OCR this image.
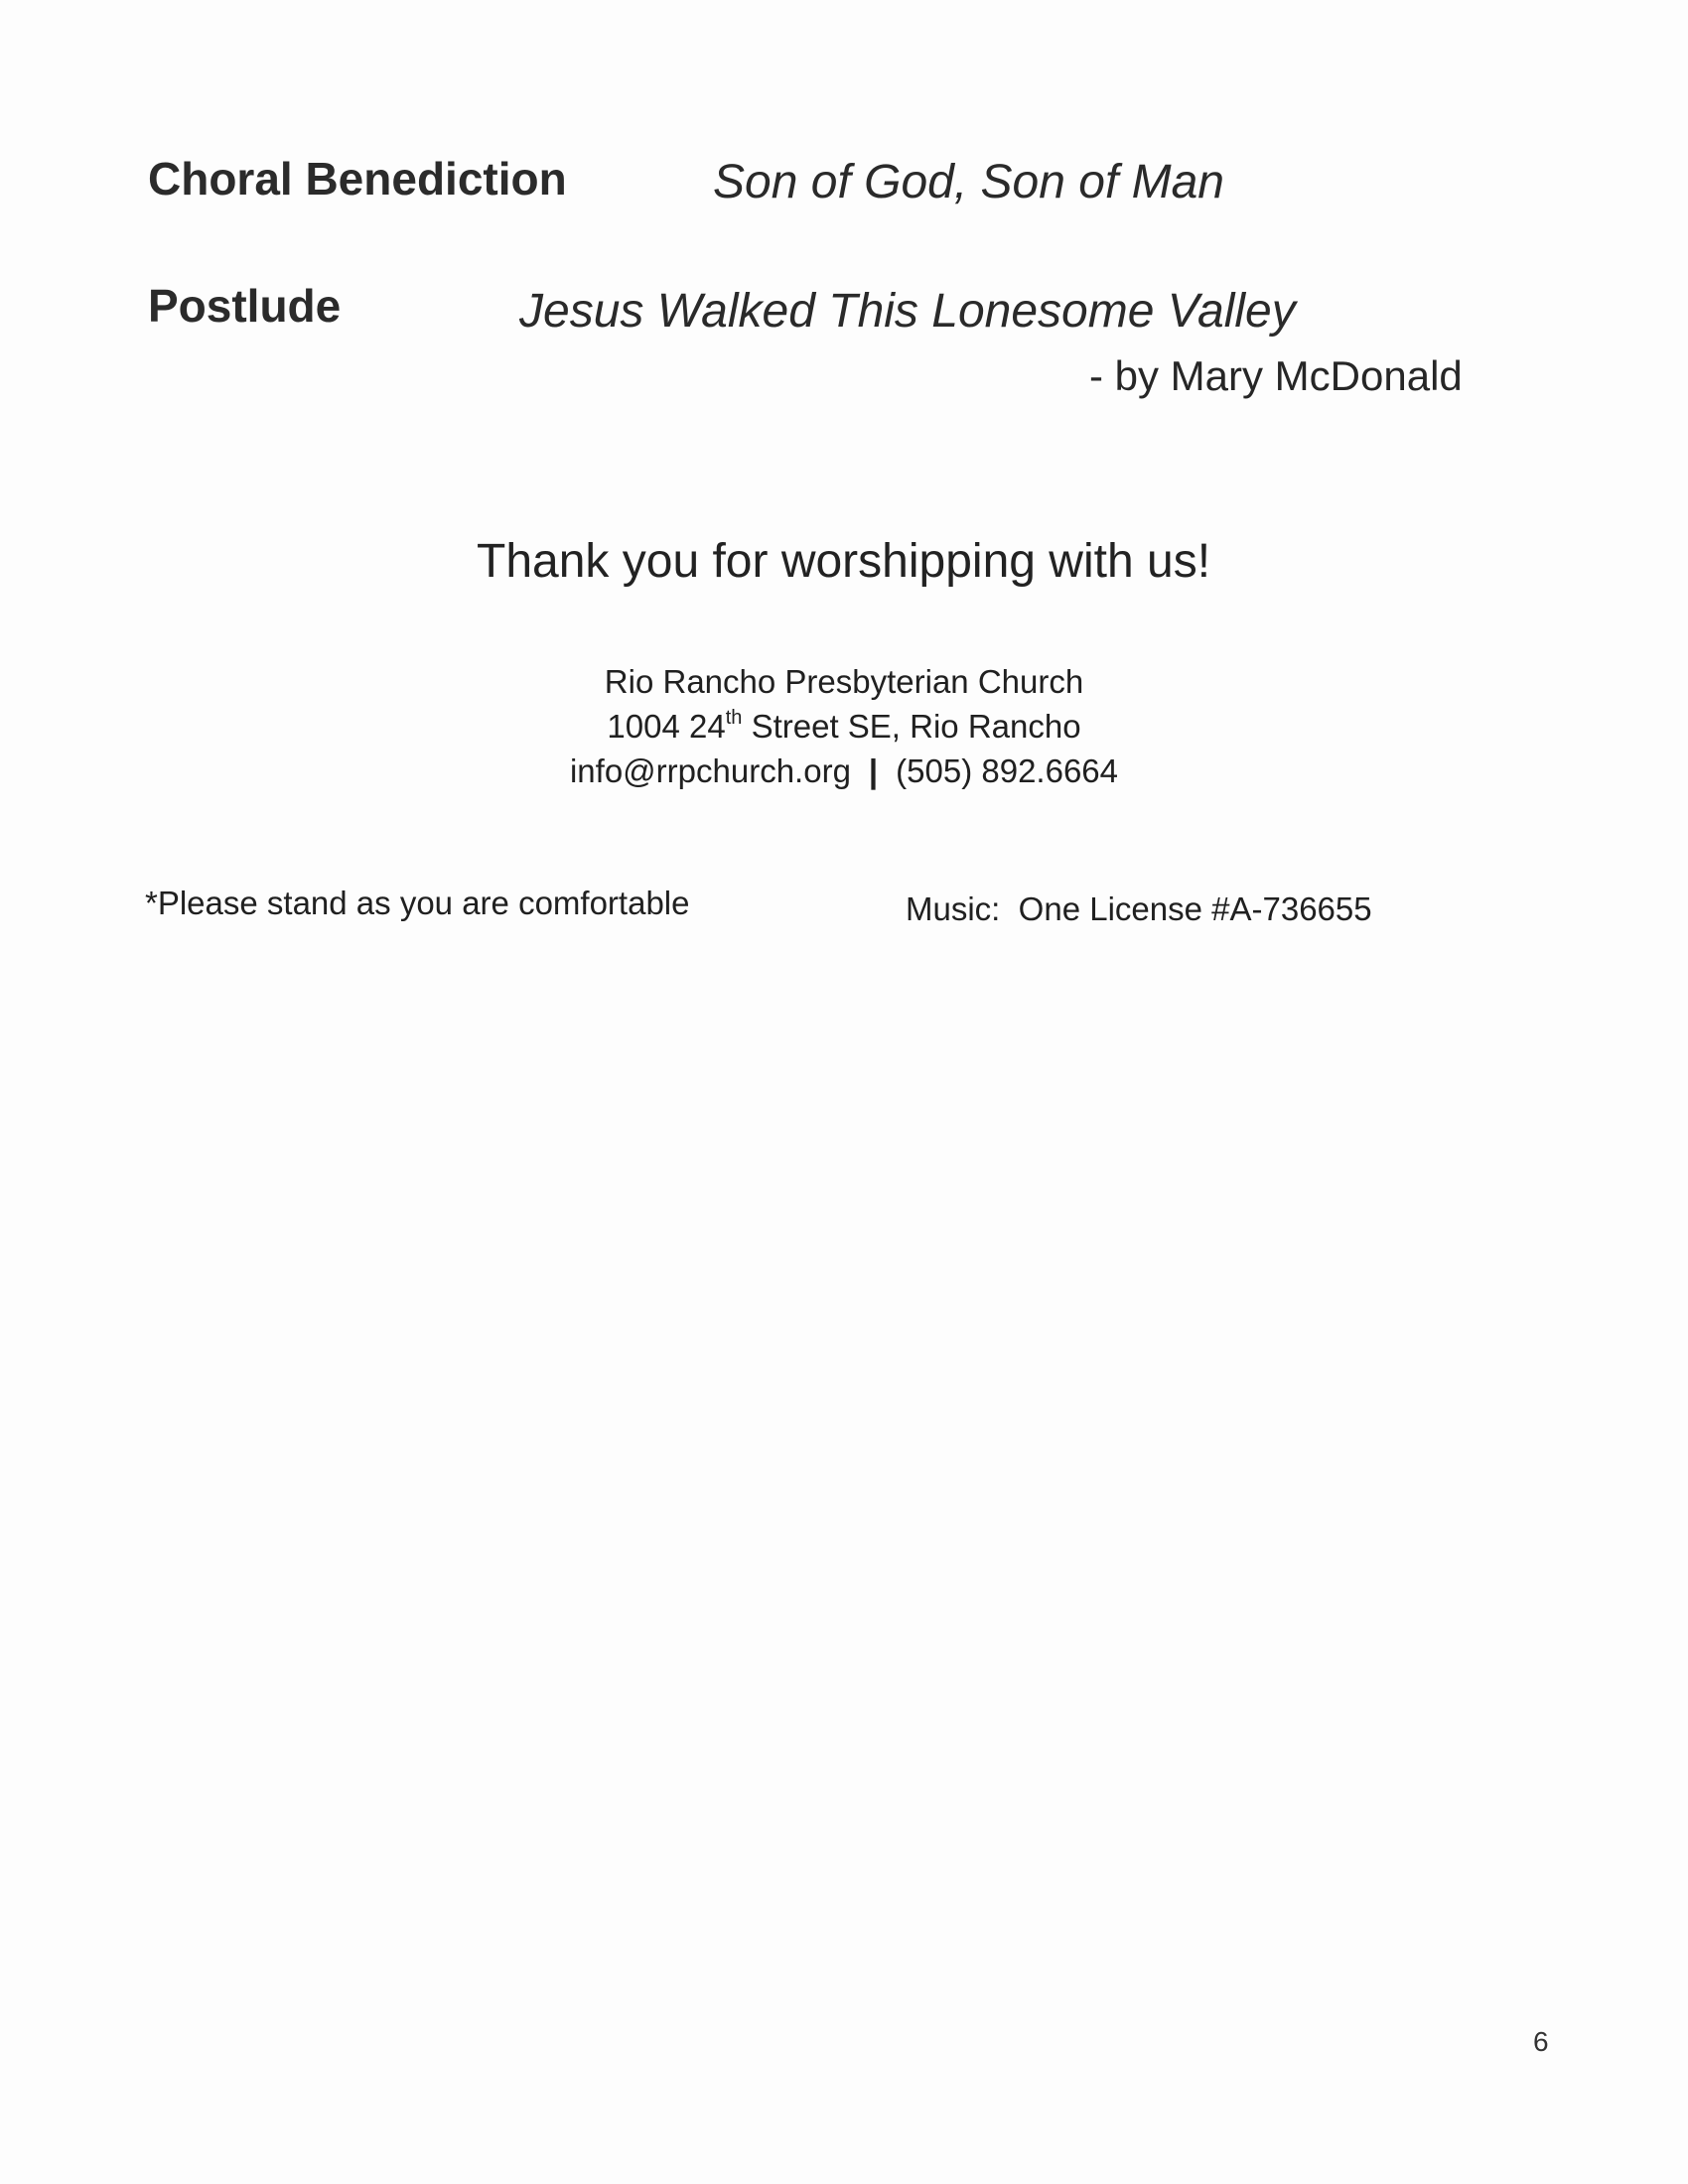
Choral Benediction	Son of God, Son of Man
Postlude	Jesus Walked This Lonesome Valley
- by Mary McDonald
Thank you for worshipping with us!
Rio Rancho Presbyterian Church
1004 24th Street SE, Rio Rancho
info@rrpchurch.org | (505) 892.6664
*Please stand as you are comfortable	Music:  One License #A-736655
6
